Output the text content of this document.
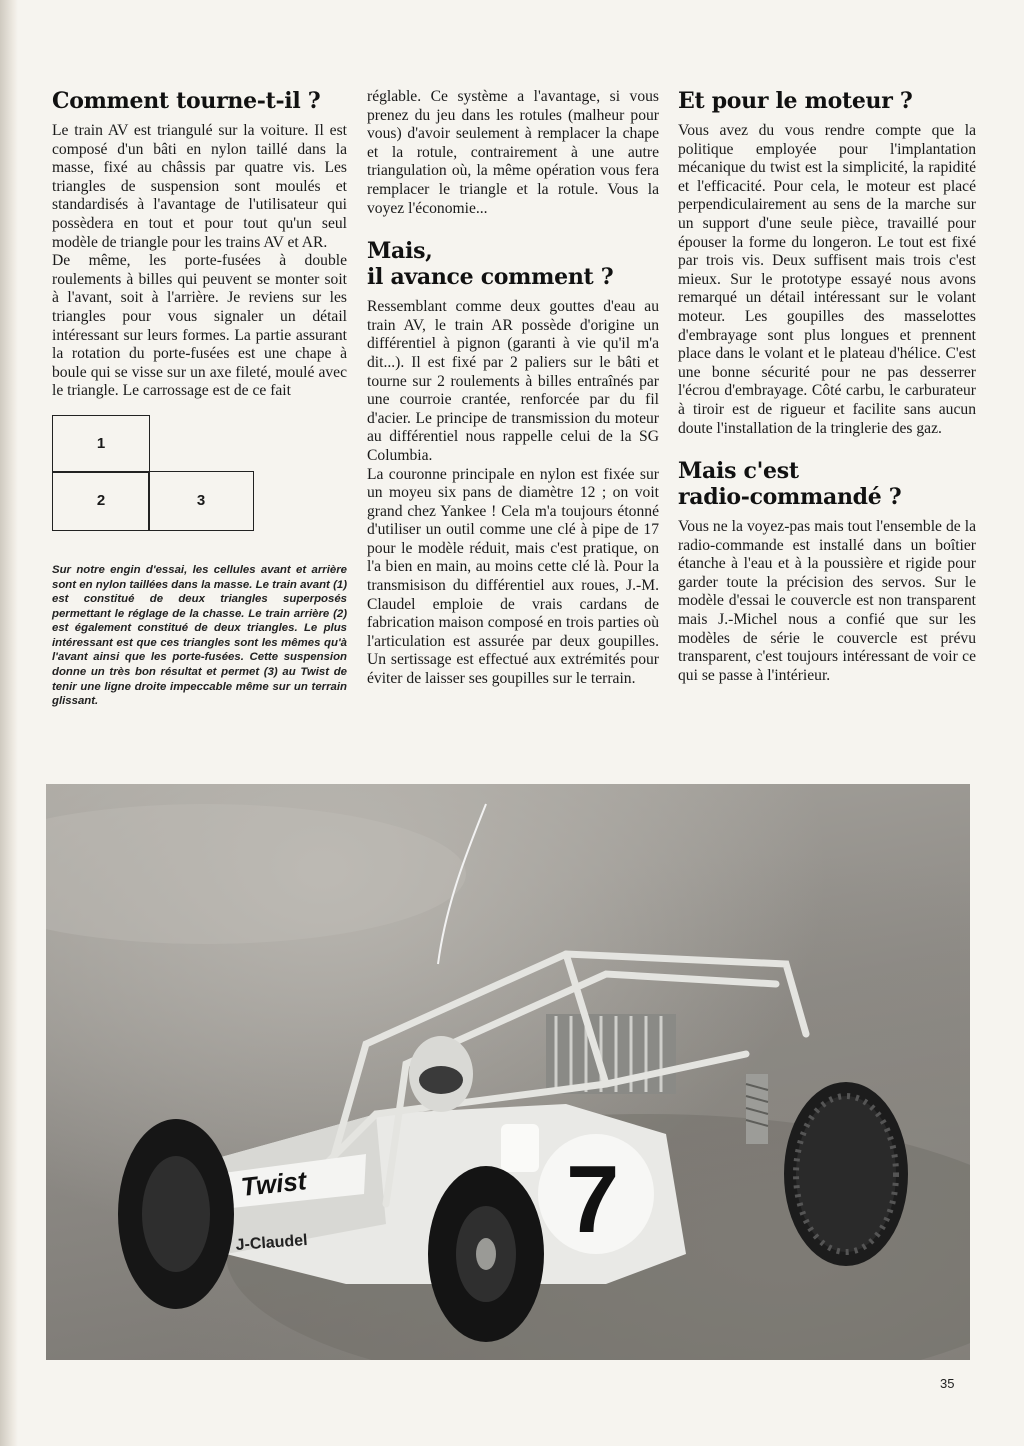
Comment tourne-t-il ?

Le train AV est triangulé sur la voiture. Il est composé d'un bâti en nylon taillé dans la masse, fixé au châssis par quatre vis. Les triangles de suspension sont moulés et standardisés à l'avantage de l'utilisateur qui possèdera en tout et pour tout qu'un seul modèle de triangle pour les trains AV et AR.

De même, les porte-fusées à double roulements à billes qui peuvent se monter soit à l'avant, soit à l'arrière. Je reviens sur les triangles pour vous signaler un détail intéressant sur leurs formes. La partie assurant la rotation du porte-fusées est une chape à boule qui se visse sur un axe fileté, moulé avec le triangle. Le carrossage est de ce fait

1
2	3

Sur notre engin d'essai, les cellules avant et arrière sont en nylon taillées dans la masse. Le train avant (1) est constitué de deux triangles superposés permettant le réglage de la chasse. Le train arrière (2) est également constitué de deux triangles. Le plus intéressant est que ces triangles sont les mêmes qu'à l'avant ainsi que les porte-fusées. Cette suspension donne un très bon résultat et permet (3) au Twist de tenir une ligne droite impeccable même sur un terrain glissant.

réglable. Ce système a l'avantage, si vous prenez du jeu dans les rotules (malheur pour vous) d'avoir seulement à remplacer la chape et la rotule, contrairement à une autre triangulation où, la même opération vous fera remplacer le triangle et la rotule. Vous la voyez l'économie...

Mais,
il avance comment ?

Ressemblant comme deux gouttes d'eau au train AV, le train AR possède d'origine un différentiel à pignon (garanti à vie qu'il m'a dit...). Il est fixé par 2 paliers sur le bâti et tourne sur 2 roulements à billes entraînés par une courroie crantée, renforcée par du fil d'acier. Le principe de transmission du moteur au différentiel nous rappelle celui de la SG Columbia.

La couronne principale en nylon est fixée sur un moyeu six pans de diamètre 12 ; on voit grand chez Yankee ! Cela m'a toujours étonné d'utiliser un outil comme une clé à pipe de 17 pour le modèle réduit, mais c'est pratique, on l'a bien en main, au moins cette clé là. Pour la transmisison du différentiel aux roues, J.-M. Claudel emploie de vrais cardans de fabrication maison composé en trois parties où l'articulation est assurée par deux goupilles. Un sertissage est effectué aux extrémités pour éviter de laisser ses goupilles sur le terrain.

Et pour le moteur ?

Vous avez du vous rendre compte que la politique employée pour l'implantation mécanique du twist est la simplicité, la rapidité et l'efficacité. Pour cela, le moteur est placé perpendiculairement au sens de la marche sur un support d'une seule pièce, travaillé pour épouser la forme du longeron. Le tout est fixé par trois vis. Deux suffisent mais trois c'est mieux. Sur le prototype essayé nous avons remarqué un détail intéressant sur le volant moteur. Les goupilles des masselottes d'embrayage sont plus longues et prennent place dans le volant et le plateau d'hélice. C'est une bonne sécurité pour ne pas desserrer l'écrou d'embrayage. Côté carbu, le carburateur à tiroir est de rigueur et facilite sans aucun doute l'installation de la tringlerie des gaz.

Mais c'est
radio-commandé ?

Vous ne la voyez-pas mais tout l'ensemble de la radio-commande est installé dans un boîtier étanche à l'eau et à la poussière et rigide pour garder toute la précision des servos. Sur le modèle d'essai le couvercle est non transparent mais J.-Michel nous a confié que sur les modèles de série le couvercle est prévu transparent, c'est toujours intéressant de voir ce qui se passe à l'intérieur.

Twist	7
J-Claudel
35
